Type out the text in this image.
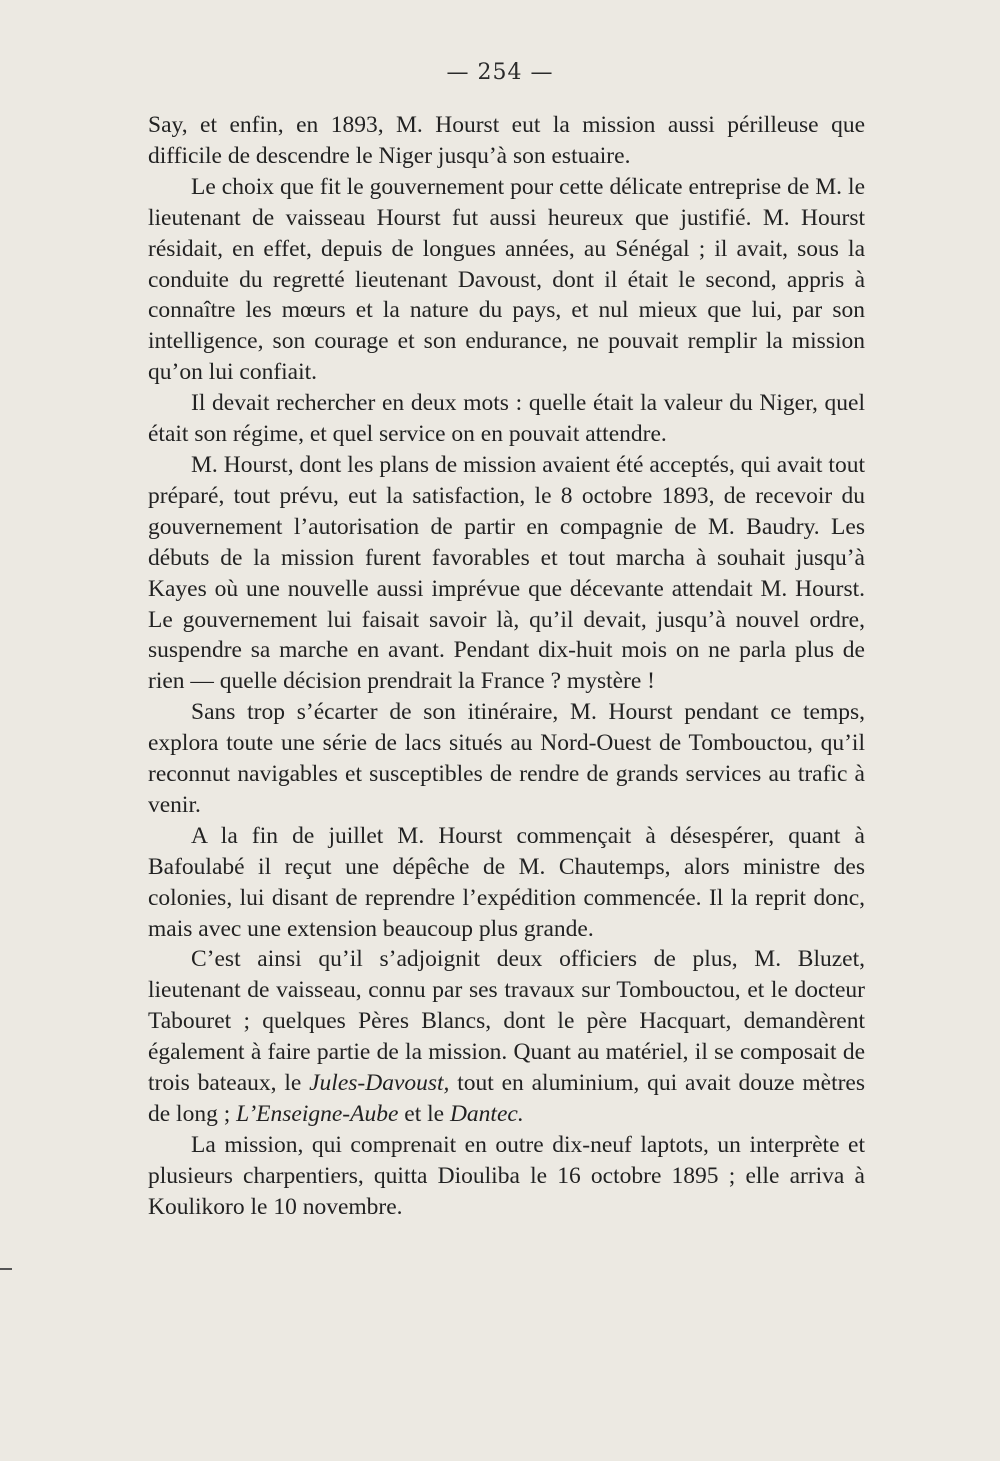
— 254 —

Say, et enfin, en 1893, M. Hourst eut la mission aussi périlleuse que difficile de descendre le Niger jusqu’à son estuaire.

Le choix que fit le gouvernement pour cette délicate entreprise de M. le lieutenant de vaisseau Hourst fut aussi heureux que justifié. M. Hourst résidait, en effet, depuis de longues années, au Sénégal ; il avait, sous la conduite du regretté lieutenant Davoust, dont il était le second, appris à connaître les mœurs et la nature du pays, et nul mieux que lui, par son intelligence, son courage et son endurance, ne pouvait remplir la mission qu’on lui confiait.

Il devait rechercher en deux mots : quelle était la valeur du Niger, quel était son régime, et quel service on en pouvait attendre.

M. Hourst, dont les plans de mission avaient été acceptés, qui avait tout préparé, tout prévu, eut la satisfaction, le 8 octobre 1893, de recevoir du gouvernement l’autorisation de partir en compagnie de M. Baudry. Les débuts de la mission furent favorables et tout marcha à souhait jusqu’à Kayes où une nouvelle aussi imprévue que décevante attendait M. Hourst. Le gouvernement lui faisait savoir là, qu’il devait, jusqu’à nouvel ordre, suspendre sa marche en avant. Pendant dix-huit mois on ne parla plus de rien — quelle décision prendrait la France ? mystère !

Sans trop s’écarter de son itinéraire, M. Hourst pendant ce temps, explora toute une série de lacs situés au Nord-Ouest de Tombouctou, qu’il reconnut navigables et susceptibles de rendre de grands services au trafic à venir.

A la fin de juillet M. Hourst commençait à désespérer, quant à Bafoulabé il reçut une dépêche de M. Chautemps, alors ministre des colonies, lui disant de reprendre l’expédition commencée. Il la reprit donc, mais avec une extension beaucoup plus grande.

C’est ainsi qu’il s’adjoignit deux officiers de plus, M. Bluzet, lieutenant de vaisseau, connu par ses travaux sur Tombouctou, et le docteur Tabouret ; quelques Pères Blancs, dont le père Hacquart, demandèrent également à faire partie de la mission. Quant au matériel, il se composait de trois bateaux, le Jules-Davoust, tout en aluminium, qui avait douze mètres de long ; L’Enseigne-Aube et le Dantec.

La mission, qui comprenait en outre dix-neuf laptots, un interprète et plusieurs charpentiers, quitta Diouliba le 16 octobre 1895 ; elle arriva à Koulikoro le 10 novembre.
